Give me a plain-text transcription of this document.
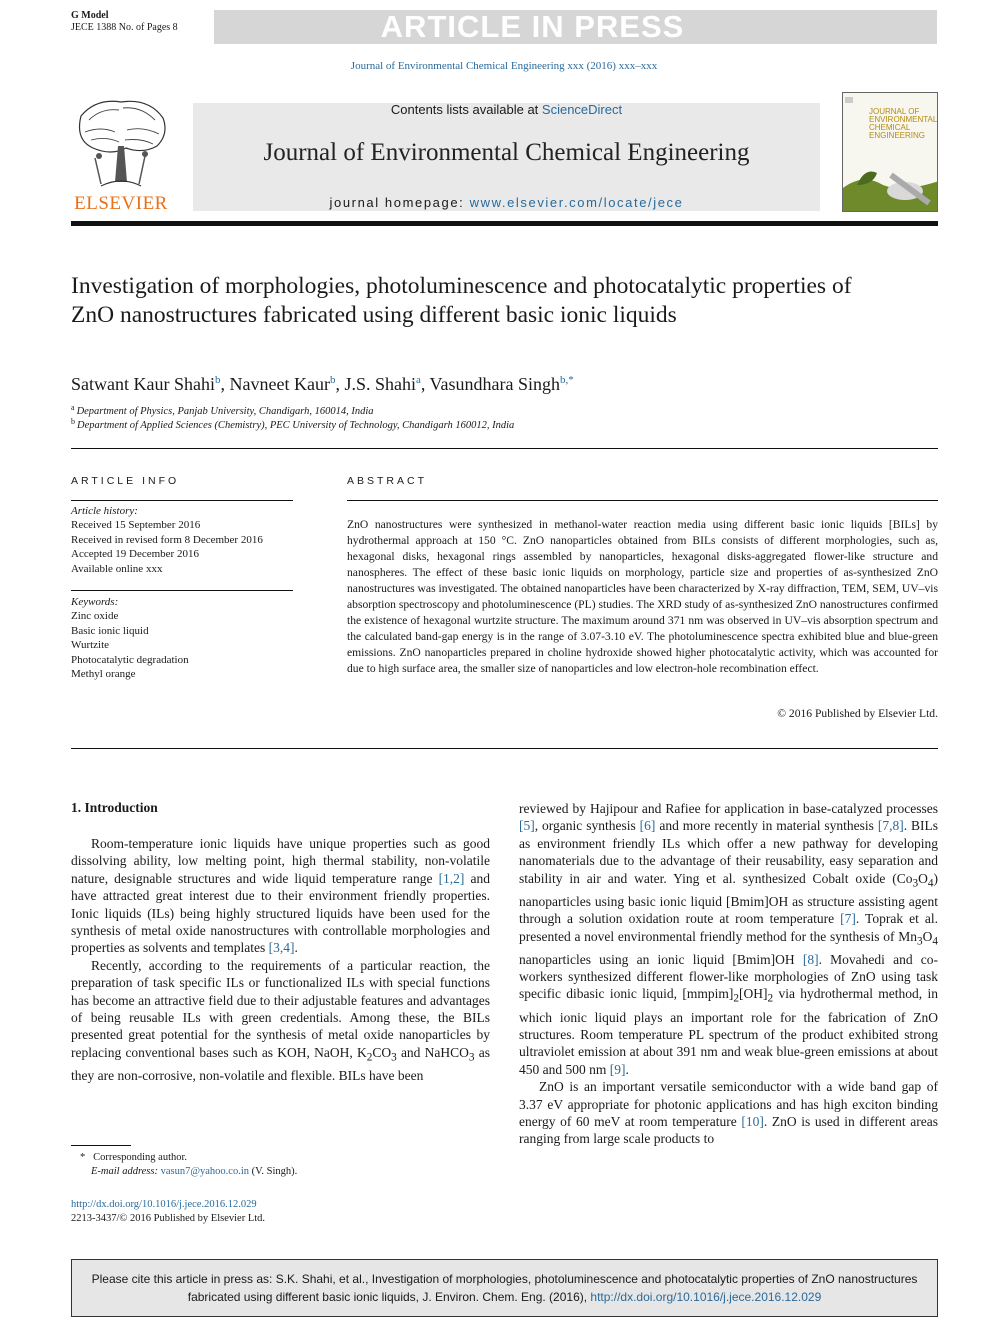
G Model
JECE 1388 No. of Pages 8	ARTICLE IN PRESS
Journal of Environmental Chemical Engineering xxx (2016) xxx–xxx
ELSEVIER
Contents lists available at ScienceDirect
Journal of Environmental Chemical Engineering
journal homepage: www.elsevier.com/locate/jece
JOURNAL OF ENVIRONMENTAL CHEMICAL ENGINEERING
Investigation of morphologies, photoluminescence and photocatalytic properties of ZnO nanostructures fabricated using different basic ionic liquids
Satwant Kaur Shahi$^b$, Navneet Kaur$^b$, J.S. Shahi$^a$, Vasundhara Singh$^{b,*}$
$^a$ Department of Physics, Panjab University, Chandigarh, 160014, India
$^b$ Department of Applied Sciences (Chemistry), PEC University of Technology, Chandigarh 160012, India
ARTICLE INFO
Article history:
Received 15 September 2016
Received in revised form 8 December 2016
Accepted 19 December 2016
Available online xxx
Keywords:
Zinc oxide
Basic ionic liquid
Wurtzite
Photocatalytic degradation
Methyl orange
ABSTRACT
ZnO nanostructures were synthesized in methanol-water reaction media using different basic ionic liquids [BILs] by hydrothermal approach at 150 °C. ZnO nanoparticles obtained from BILs consists of different morphologies, such as, hexagonal disks, hexagonal rings assembled by nanoparticles, hexagonal disks-aggregated flower-like structure and nanospheres. The effect of these basic ionic liquids on morphology, particle size and properties of as-synthesized ZnO nanostructures was investigated. The obtained nanoparticles have been characterized by X-ray diffraction, TEM, SEM, UV–vis absorption spectroscopy and photoluminescence (PL) studies. The XRD study of as-synthesized ZnO nanostructures confirmed the existence of hexagonal wurtzite structure. The maximum around 371 nm was observed in UV–vis absorption spectrum and the calculated band-gap energy is in the range of 3.07-3.10 eV. The photoluminescence spectra exhibited blue and blue-green emissions. ZnO nanoparticles prepared in choline hydroxide showed higher photocatalytic activity, which was accounted for due to high surface area, the smaller size of nanoparticles and low electron-hole recombination effect.
© 2016 Published by Elsevier Ltd.
1. Introduction

Room-temperature ionic liquids have unique properties such as good dissolving ability, low melting point, high thermal stability, non-volatile nature, designable structures and wide liquid temperature range [1,2] and have attracted great interest due to their environment friendly properties. Ionic liquids (ILs) being highly structured liquids have been used for the synthesis of metal oxide nanostructures with controllable morphologies and properties as solvents and templates [3,4].

Recently, according to the requirements of a particular reaction, the preparation of task specific ILs or functionalized ILs with special functions has become an attractive field due to their adjustable features and advantages of being reusable ILs with green credentials. Among these, the BILs presented great potential for the synthesis of metal oxide nanoparticles by replacing conventional bases such as KOH, NaOH, $K_2CO_3$ and NaHCO$_3$ as they are non-corrosive, non-volatile and flexible. BILs have been

reviewed by Hajipour and Rafiee for application in base-catalyzed processes [5], organic synthesis [6] and more recently in material synthesis [7,8]. BILs as environment friendly ILs which offer a new pathway for developing nanomaterials due to the advantage of their reusability, easy separation and stability in air and water. Ying et al. synthesized Cobalt oxide $(Co_3O_4)$ nanoparticles using basic ionic liquid [Bmim]OH as structure assisting agent through a solution oxidation route at room temperature [7]. Toprak et al. presented a novel environmental friendly method for the synthesis of $Mn_3O_4$ nanoparticles using an ionic liquid [Bmim]OH [8]. Movahedi and co-workers synthesized different flower-like morphologies of ZnO using task specific dibasic ionic liquid, $[mmpim]_2[OH]_2$ via hydrothermal method, in which ionic liquid plays an important role for the fabrication of ZnO structures. Room temperature PL spectrum of the product exhibited strong ultraviolet emission at about 391 nm and weak blue-green emissions at about 450 and 500 nm [9].

ZnO is an important versatile semiconductor with a wide band gap of 3.37 eV appropriate for photonic applications and has high exciton binding energy of 60 meV at room temperature [10]. ZnO is used in different areas ranging from large scale products to

* Corresponding author.
E-mail address: vasun7@yahoo.co.in (V. Singh).
http://dx.doi.org/10.1016/j.jece.2016.12.029
2213-3437/© 2016 Published by Elsevier Ltd.
Please cite this article in press as: S.K. Shahi, et al., Investigation of morphologies, photoluminescence and photocatalytic properties of ZnO nanostructures fabricated using different basic ionic liquids, J. Environ. Chem. Eng. (2016), http://dx.doi.org/10.1016/j.jece.2016.12.029
